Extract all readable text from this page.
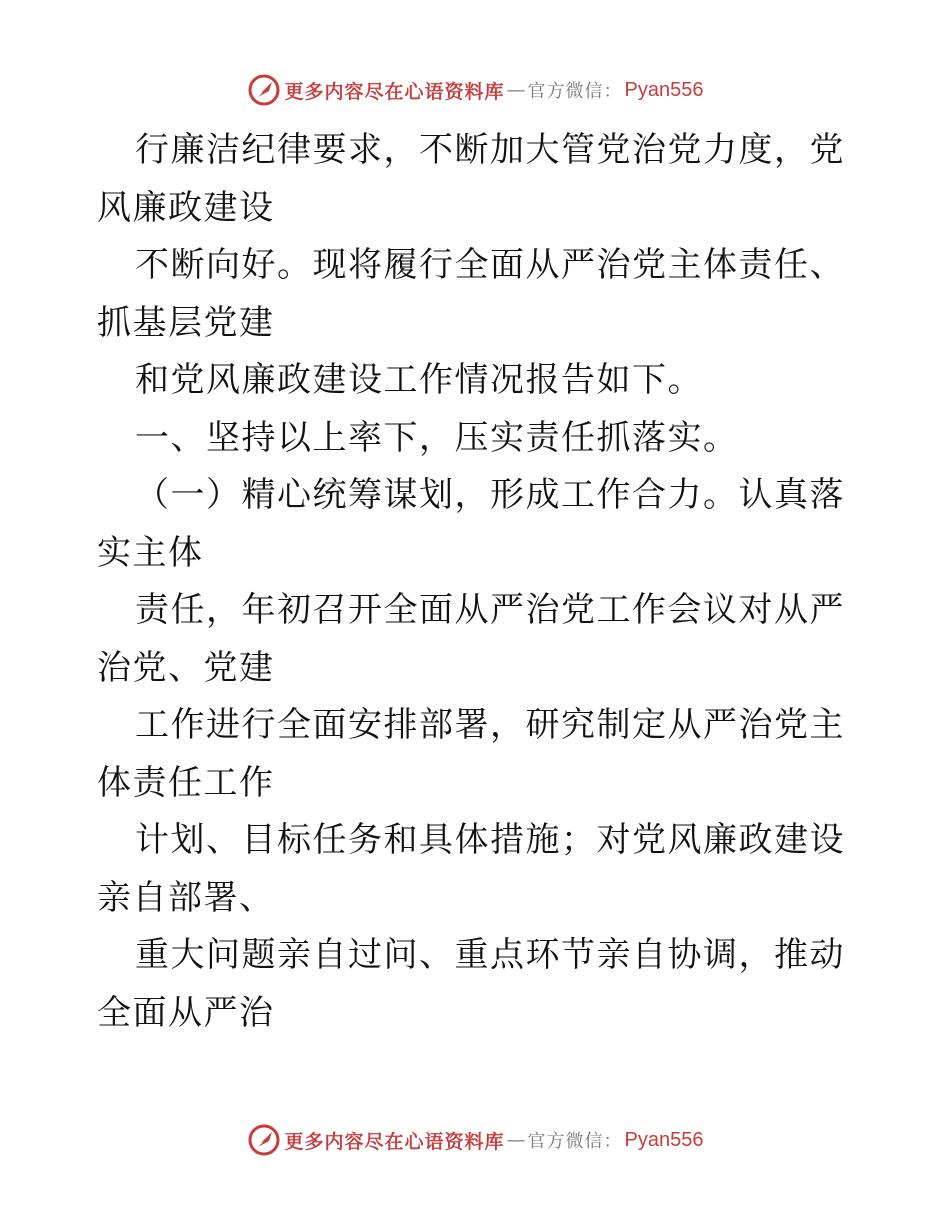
更多内容尽在心语资料库 — 官方微信： Pyan556

行廉洁纪律要求，不断加大管党治党力度，党风廉政建设

不断向好。现将履行全面从严治党主体责任、抓基层党建

和党风廉政建设工作情况报告如下。

一、坚持以上率下，压实责任抓落实。

（一）精心统筹谋划，形成工作合力。认真落实主体

责任，年初召开全面从严治党工作会议对从严治党、党建

工作进行全面安排部署，研究制定从严治党主体责任工作

计划、目标任务和具体措施；对党风廉政建设亲自部署、

重大问题亲自过问、重点环节亲自协调，推动全面从严治

更多内容尽在心语资料库 — 官方微信： Pyan556
